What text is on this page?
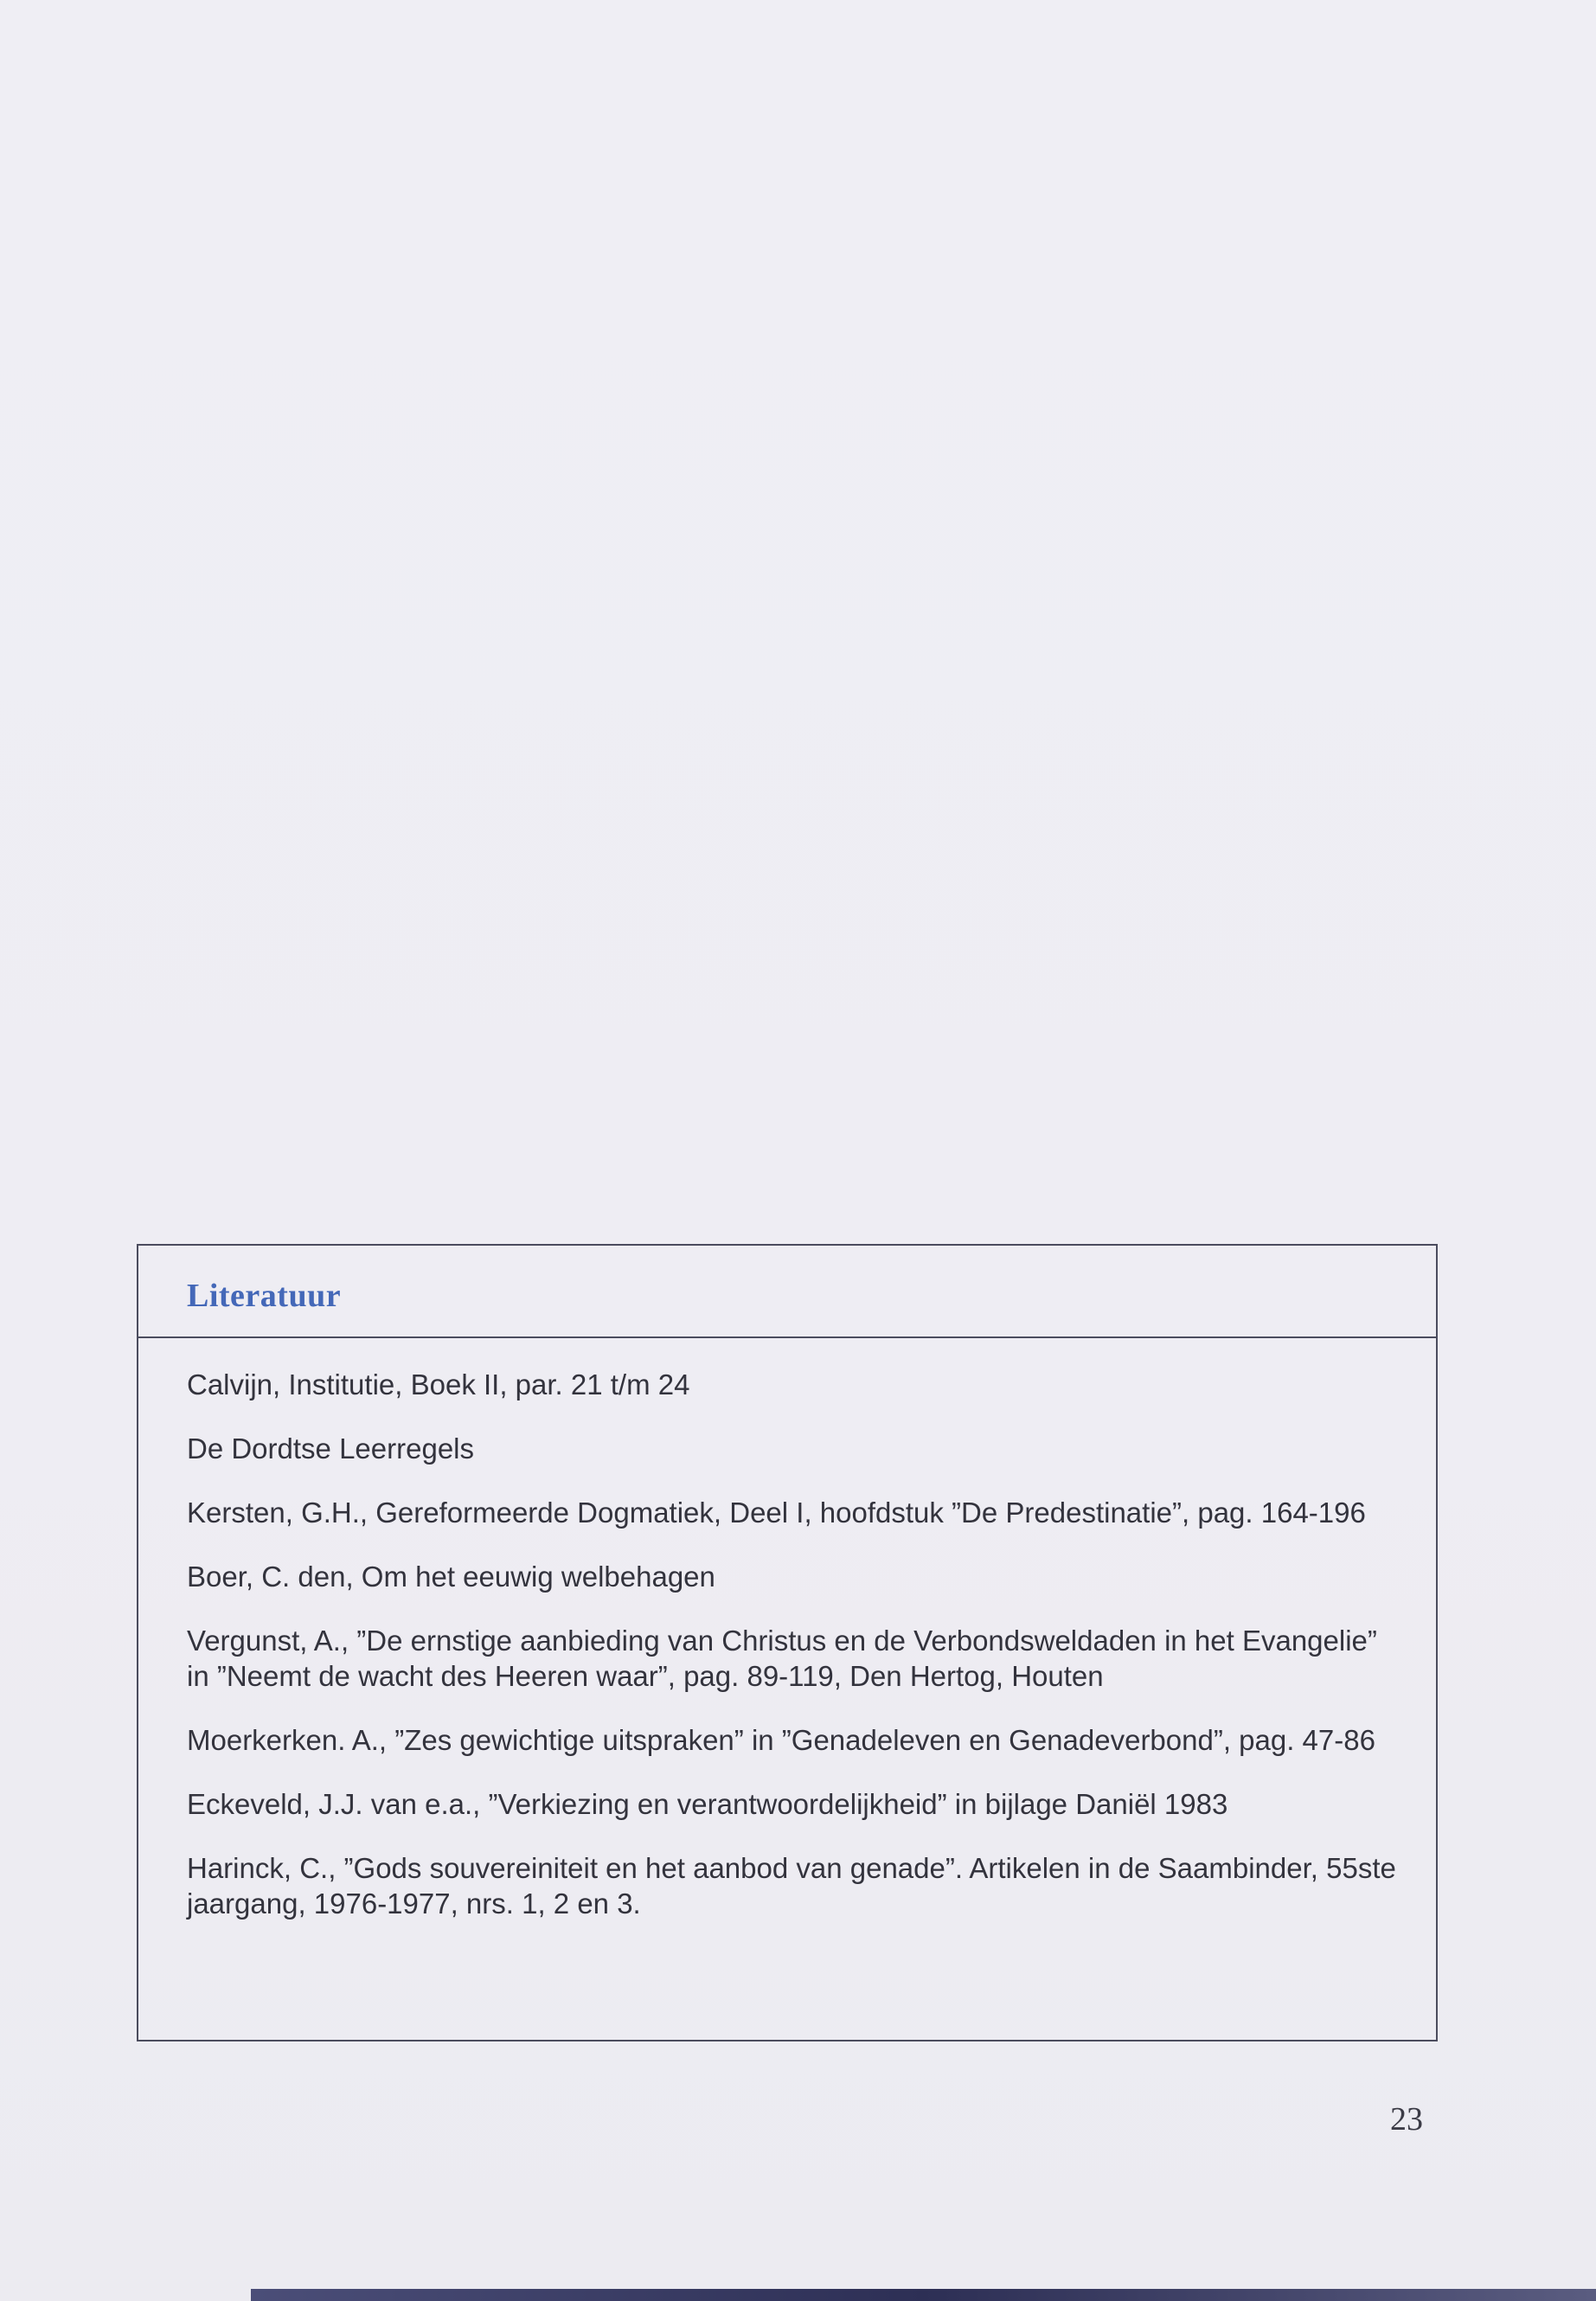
Literatuur
Calvijn, Institutie, Boek II, par. 21 t/m 24
De Dordtse Leerregels
Kersten, G.H., Gereformeerde Dogmatiek, Deel I, hoofdstuk ”De Predestinatie”, pag. 164-196
Boer, C. den, Om het eeuwig welbehagen
Vergunst, A., ”De ernstige aanbieding van Christus en de Verbondsweldaden in het Evangelie” in ”Neemt de wacht des Heeren waar”, pag. 89-119, Den Hertog, Houten
Moerkerken. A., ”Zes gewichtige uitspraken” in ”Genadeleven en Genadeverbond”, pag. 47-86
Eckeveld, J.J. van e.a., ”Verkiezing en verantwoordelijkheid” in bijlage Daniël 1983
Harinck, C., ”Gods souvereiniteit en het aanbod van genade”. Artikelen in de Saambinder, 55ste jaargang, 1976-1977, nrs. 1, 2 en 3.
23
